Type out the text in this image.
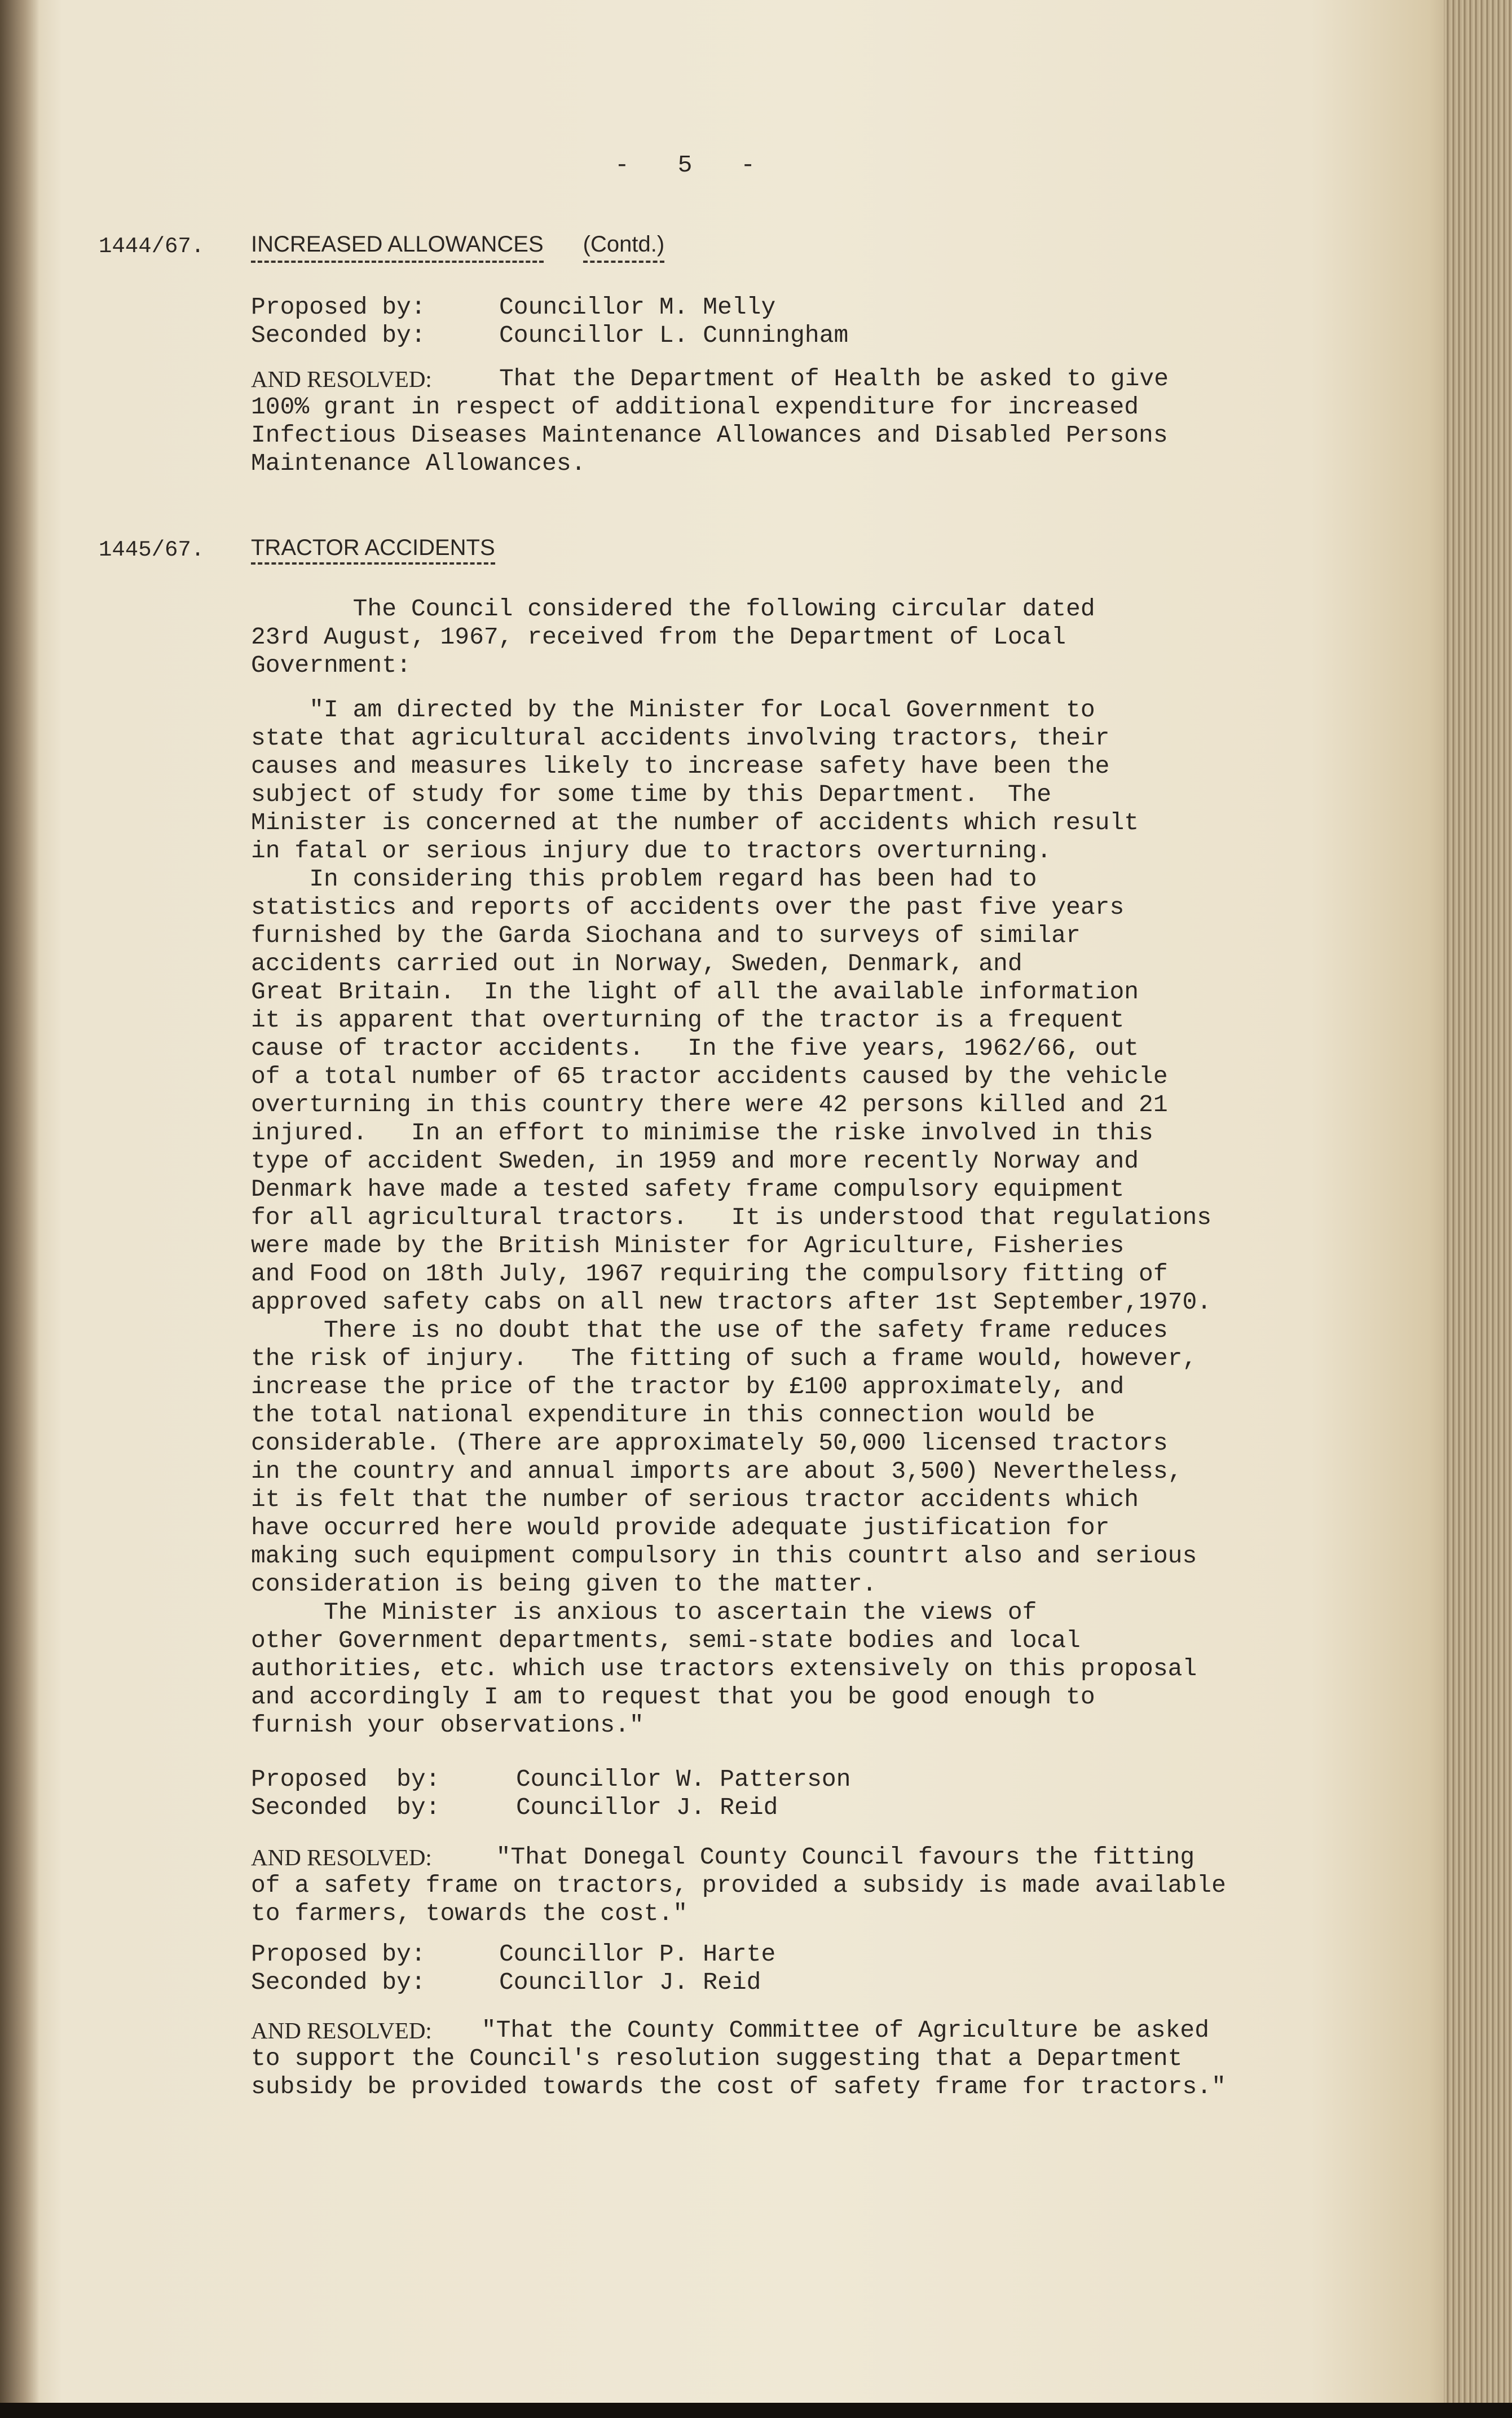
- 5 -
1444/67. INCREASED ALLOWANCES (Contd.)
Proposed by:	Councillor M. Melly
Seconded by:	Councillor L. Cunningham
AND RESOLVED:	That the Department of Health be asked to give
100% grant in respect of additional expenditure for increased
Infectious Diseases Maintenance Allowances and Disabled Persons
Maintenance Allowances.
1445/67. TRACTOR ACCIDENTS
The Council considered the following circular dated
23rd August, 1967, received from the Department of Local
Government:
"I am directed by the Minister for Local Government to
state that agricultural accidents involving tractors, their
causes and measures likely to increase safety have been the
subject of study for some time by this Department.  The
Minister is concerned at the number of accidents which result
in fatal or serious injury due to tractors overturning.
In considering this problem regard has been had to
statistics and reports of accidents over the past five years
furnished by the Garda Siochana and to surveys of similar
accidents carried out in Norway, Sweden, Denmark, and
Great Britain.  In the light of all the available information
it is apparent that overturning of the tractor is a frequent
cause of tractor accidents.   In the five years, 1962/66, out
of a total number of 65 tractor accidents caused by the vehicle
overturning in this country there were 42 persons killed and 21
injured.   In an effort to minimise the riske involved in this
type of accident Sweden, in 1959 and more recently Norway and
Denmark have made a tested safety frame compulsory equipment
for all agricultural tractors.   It is understood that regulations
were made by the British Minister for Agriculture, Fisheries
and Food on 18th July, 1967 requiring the compulsory fitting of
approved safety cabs on all new tractors after 1st September,1970.
There is no doubt that the use of the safety frame reduces
the risk of injury.   The fitting of such a frame would, however,
increase the price of the tractor by £100 approximately, and
the total national expenditure in this connection would be
considerable. (There are approximately 50,000 licensed tractors
in the country and annual imports are about 3,500) Nevertheless,
it is felt that the number of serious tractor accidents which
have occurred here would provide adequate justification for
making such equipment compulsory in this countrt also and serious
consideration is being given to the matter.
The Minister is anxious to ascertain the views of
other Government departments, semi-state bodies and local
authorities, etc. which use tractors extensively on this proposal
and accordingly I am to request that you be good enough to
furnish your observations."
Proposed  by:	Councillor W. Patterson
Seconded  by:	Councillor J. Reid
AND RESOLVED: "That Donegal County Council favours the fitting
of a safety frame on tractors, provided a subsidy is made available
to farmers, towards the cost."
Proposed by:	Councillor P. Harte
Seconded by:	Councillor J. Reid
AND RESOLVED: "That the County Committee of Agriculture be asked
to support the Council's resolution suggesting that a Department
subsidy be provided towards the cost of safety frame for tractors."
